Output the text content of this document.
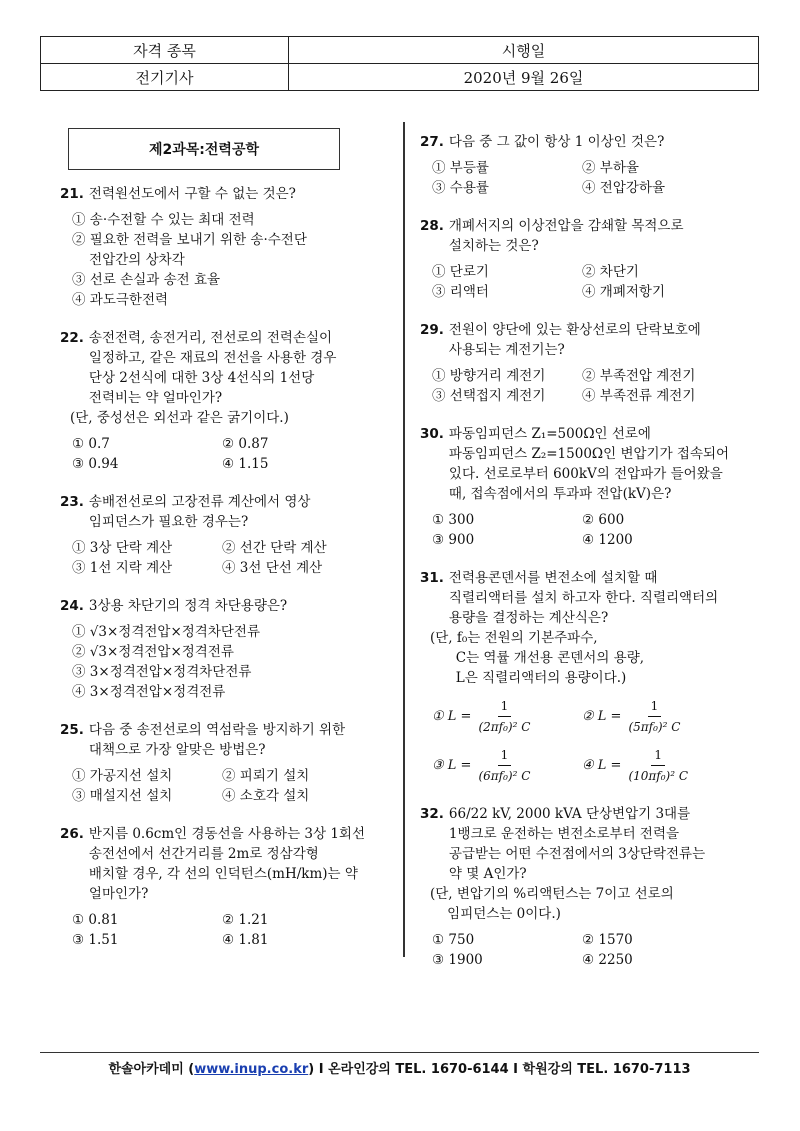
자격 종목	시행일
전기기사	2020년 9월 26일
제2과목:전력공학
21. 전력원선도에서 구할 수 없는 것은?
① 송·수전할 수 있는 최대 전력
② 필요한 전력을 보내기 위한 송·수전단
전압간의 상차각
③ 선로 손실과 송전 효율
④ 과도극한전력
22. 송전전력, 송전거리, 전선로의 전력손실이
일정하고, 같은 재료의 전선을 사용한 경우
단상 2선식에 대한 3상 4선식의 1선당
전력비는 약 얼마인가?
(단, 중성선은 외선과 같은 굵기이다.)
① 0.7	② 0.87
③ 0.94	④ 1.15
23. 송배전선로의 고장전류 계산에서 영상
임피던스가 필요한 경우는?
① 3상 단락 계산	② 선간 단락 계산
③ 1선 지락 계산	④ 3선 단선 계산
24. 3상용 차단기의 정격 차단용량은?
① √3×정격전압×정격차단전류
② √3×정격전압×정격전류
③ 3×정격전압×정격차단전류
④ 3×정격전압×정격전류
25. 다음 중 송전선로의 역섬락을 방지하기 위한
대책으로 가장 알맞은 방법은?
① 가공지선 설치	② 피뢰기 설치
③ 매설지선 설치	④ 소호각 설치
26. 반지름 0.6cm인 경동선을 사용하는 3상 1회선
송전선에서 선간거리를 2m로 정삼각형
배치할 경우, 각 선의 인덕턴스(mH/km)는 약
얼마인가?
① 0.81	② 1.21
③ 1.51	④ 1.81
27. 다음 중 그 값이 항상 1 이상인 것은?
① 부등률	② 부하율
③ 수용률	④ 전압강하율
28. 개폐서지의 이상전압을 감쇄할 목적으로
설치하는 것은?
① 단로기	② 차단기
③ 리액터	④ 개폐저항기
29. 전원이 양단에 있는 환상선로의 단락보호에
사용되는 계전기는?
① 방향거리 계전기	② 부족전압 계전기
③ 선택접지 계전기	④ 부족전류 계전기
30. 파동임피던스 Z₁=500Ω인 선로에
파동임피던스 Z₂=1500Ω인 변압기가 접속되어
있다. 선로로부터 600kV의 전압파가 들어왔을
때, 접속점에서의 투과파 전압(kV)은?
① 300	② 600
③ 900	④ 1200
31. 전력용콘덴서를 변전소에 설치할 때
직렬리액터를 설치 하고자 한다. 직렬리액터의
용량을 결정하는 계산식은?
(단, f₀는 전원의 기본주파수,
C는 역률 개선용 콘덴서의 용량,
L은 직렬리액터의 용량이다.)
① $L = \frac{1}{\text{(2πf₀)² C}}$	② $L = \frac{1}{\text{(5πf₀)² C}}$
③ $L = \frac{1}{\text{(6πf₀)² C}}$	④ $L = \frac{1}{\text{(10πf₀)² C}}$
32. 66/22 kV, 2000 kVA 단상변압기 3대를
1뱅크로 운전하는 변전소로부터 전력을
공급받는 어떤 수전점에서의 3상단락전류는
약 몇 A인가?
(단, 변압기의 %리액턴스는 7이고 선로의
임피던스는 0이다.)
① 750	② 1570
③ 1900	④ 2250
한솔아카데미 (www.inup.co.kr) I 온라인강의 TEL. 1670-6144 I 학원강의 TEL. 1670-7113
